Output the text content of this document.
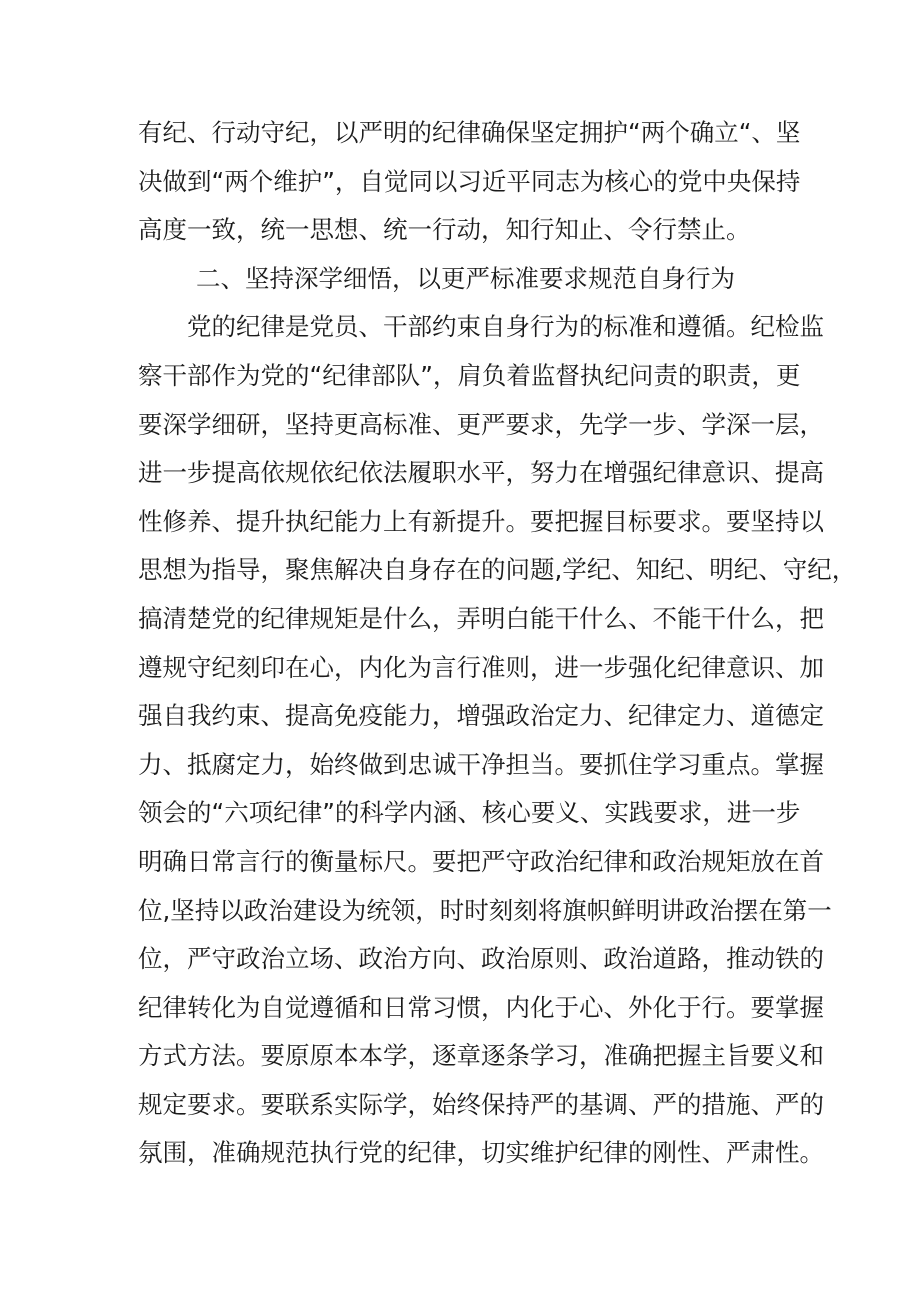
有纪、行动守纪，以严明的纪律确保坚定拥护“两个确立“、坚
决做到“两个维护”，自觉同以习近平同志为核心的党中央保持
高度一致，统一思想、统一行动，知行知止、令行禁止。
二、坚持深学细悟，以更严标准要求规范自身行为
党的纪律是党员、干部约束自身行为的标准和遵循。纪检监
察干部作为党的“纪律部队”，肩负着监督执纪问责的职责，更
要深学细研，坚持更高标准、更严要求，先学一步、学深一层，
进一步提高依规依纪依法履职水平，努力在增强纪律意识、提高
性修养、提升执纪能力上有新提升。要把握目标要求。要坚持以
思想为指导，聚焦解决自身存在的问题,学纪、知纪、明纪、守纪，
搞清楚党的纪律规矩是什么，弄明白能干什么、不能干什么，把
遵规守纪刻印在心，内化为言行准则，进一步强化纪律意识、加
强自我约束、提高免疫能力，增强政治定力、纪律定力、道德定
力、抵腐定力，始终做到忠诚干净担当。要抓住学习重点。掌握
领会的“六项纪律”的科学内涵、核心要义、实践要求，进一步
明确日常言行的衡量标尺。要把严守政治纪律和政治规矩放在首
位,坚持以政治建设为统领，时时刻刻将旗帜鲜明讲政治摆在第一
位，严守政治立场、政治方向、政治原则、政治道路，推动铁的
纪律转化为自觉遵循和日常习惯，内化于心、外化于行。要掌握
方式方法。要原原本本学，逐章逐条学习，准确把握主旨要义和
规定要求。要联系实际学，始终保持严的基调、严的措施、严的
氛围，准确规范执行党的纪律，切实维护纪律的刚性、严肃性。
